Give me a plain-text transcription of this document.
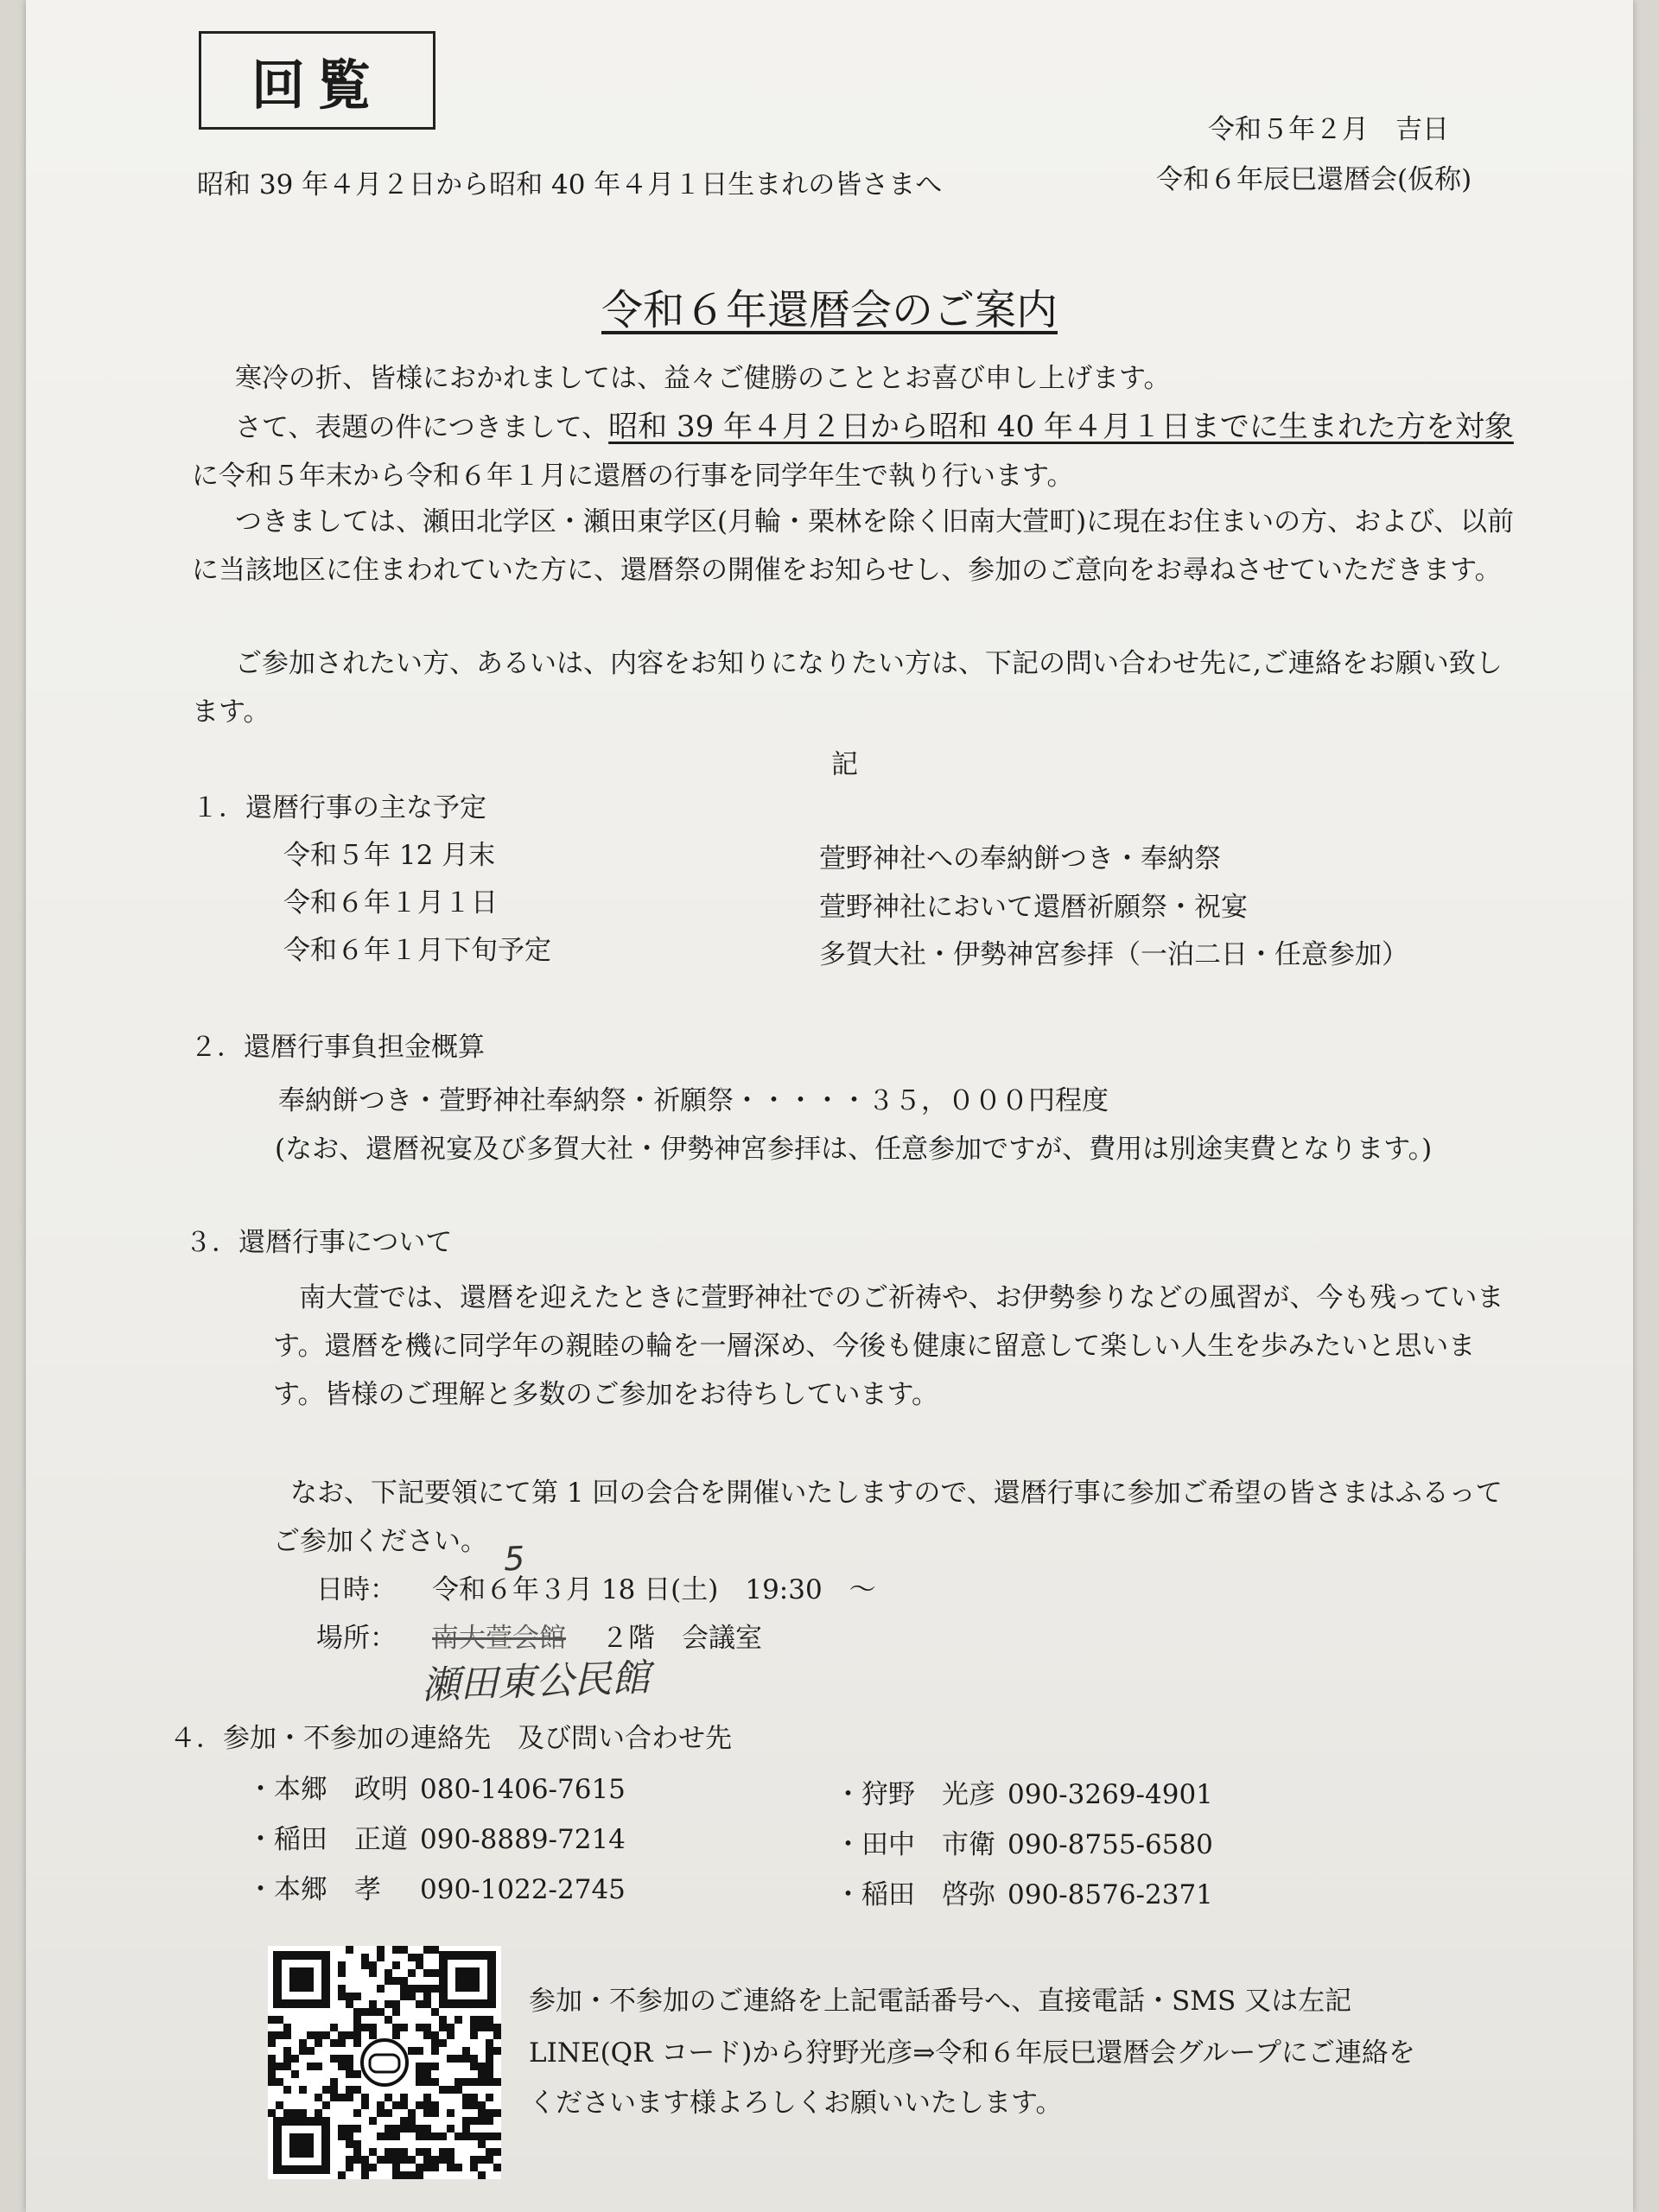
回覧
令和５年２月　吉日
令和６年辰巳還暦会(仮称)
昭和 39 年４月２日から昭和 40 年４月１日生まれの皆さまへ
令和６年還暦会のご案内
寒冷の折、皆様におかれましては、益々ご健勝のこととお喜び申し上げます。
さて、表題の件につきまして、昭和 39 年４月２日から昭和 40 年４月１日までに生まれた方を対象に令和５年末から令和６年１月に還暦の行事を同学年生で執り行います。
つきましては、瀬田北学区・瀬田東学区(月輪・栗林を除く旧南大萱町)に現在お住まいの方、および、以前に当該地区に住まわれていた方に、還暦祭の開催をお知らせし、参加のご意向をお尋ねさせていただきます。
ご参加されたい方、あるいは、内容をお知りになりたい方は、下記の問い合わせ先に,ご連絡をお願い致します。
記
１．還暦行事の主な予定
令和５年 12 月末	萱野神社への奉納餅つき・奉納祭
令和６年１月１日	萱野神社において還暦祈願祭・祝宴
令和６年１月下旬予定	多賀大社・伊勢神宮参拝（一泊二日・任意参加）
２．還暦行事負担金概算
奉納餅つき・萱野神社奉納祭・祈願祭・・・・・３５，０００円程度
(なお、還暦祝宴及び多賀大社・伊勢神宮参拝は、任意参加ですが、費用は別途実費となります。)
３．還暦行事について
南大萱では、還暦を迎えたときに萱野神社でのご祈祷や、お伊勢参りなどの風習が、今も残っています。還暦を機に同学年の親睦の輪を一層深め、今後も健康に留意して楽しい人生を歩みたいと思います。皆様のご理解と多数のご参加をお待ちしています。
なお、下記要領にて第 1 回の会合を開催いたしますので、還暦行事に参加ご希望の皆さまはふるってご参加ください。
日時： 令和６年３月 18 日(土)　19:30　～
5
場所： 南大萱会館 ２階　会議室
瀬田東公民館
４．参加・不参加の連絡先　及び問い合わせ先
・本郷　政明 080-1406-7615
・稲田　正道 090-8889-7214
・本郷　孝	090-1022-2745
・狩野　光彦 090-3269-4901
・田中　市衛 090-8755-6580
・稲田　啓弥 090-8576-2371
参加・不参加のご連絡を上記電話番号へ、直接電話・SMS 又は左記
LINE(QR コード)から狩野光彦⇒令和６年辰巳還暦会グループにご連絡を
くださいます様よろしくお願いいたします。
